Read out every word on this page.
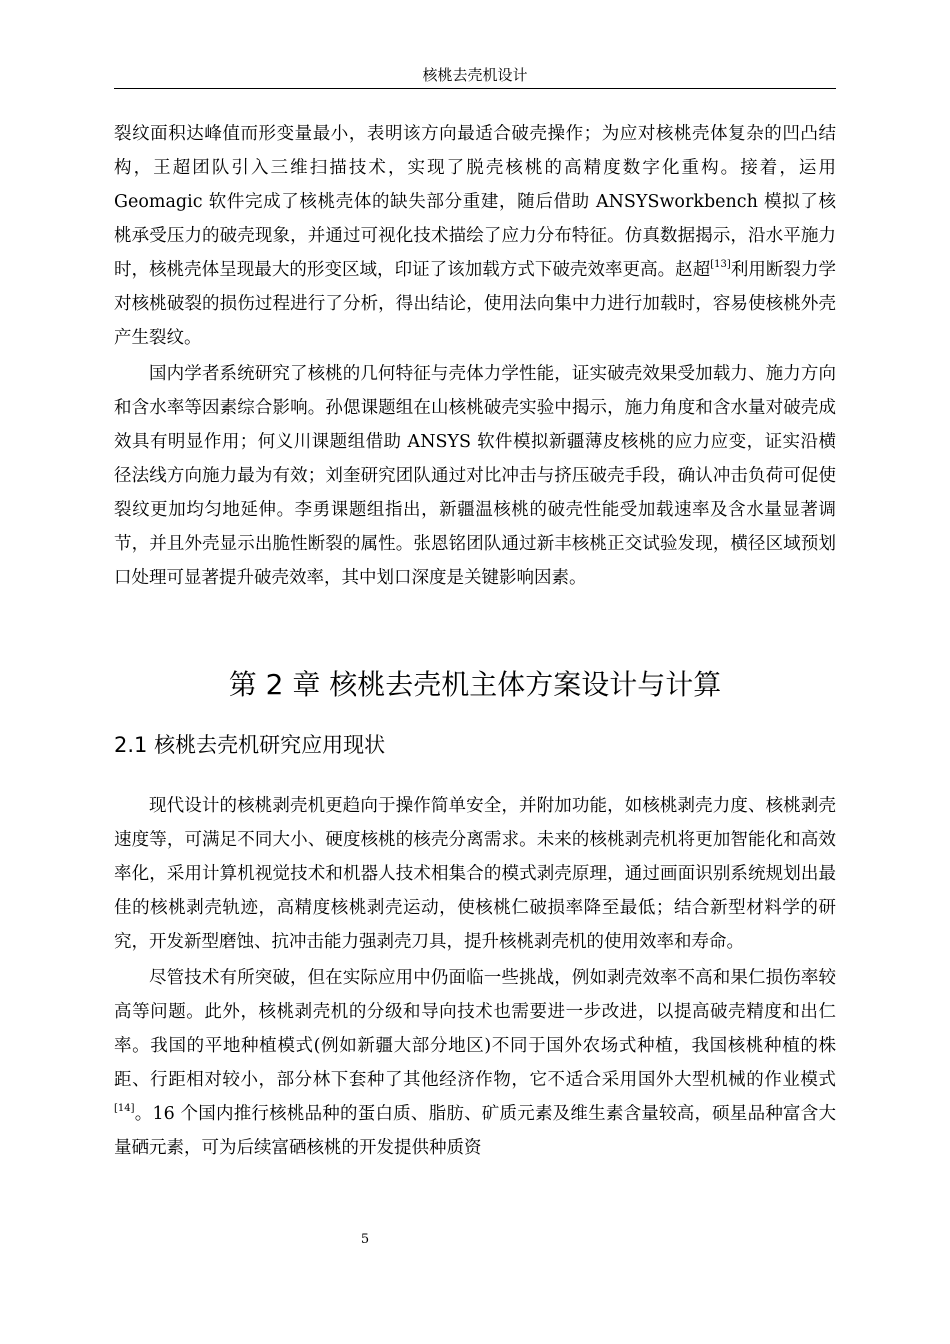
核桃去壳机设计

裂纹面积达峰值而形变量最小，表明该方向最适合破壳操作；为应对核桃壳体复杂的凹凸结构，王超团队引入三维扫描技术，实现了脱壳核桃的高精度数字化重构。接着，运用 Geomagic 软件完成了核桃壳体的缺失部分重建，随后借助 ANSYSworkbench 模拟了核桃承受压力的破壳现象，并通过可视化技术描绘了应力分布特征。仿真数据揭示，沿水平施力时，核桃壳体呈现最大的形变区域，印证了该加载方式下破壳效率更高。赵超[13]利用断裂力学对核桃破裂的损伤过程进行了分析，得出结论，使用法向集中力进行加载时，容易使核桃外壳产生裂纹。

国内学者系统研究了核桃的几何特征与壳体力学性能，证实破壳效果受加载力、施力方向和含水率等因素综合影响。孙偲课题组在山核桃破壳实验中揭示，施力角度和含水量对破壳成效具有明显作用；何义川课题组借助 ANSYS 软件模拟新疆薄皮核桃的应力应变，证实沿横径法线方向施力最为有效；刘奎研究团队通过对比冲击与挤压破壳手段，确认冲击负荷可促使裂纹更加均匀地延伸。李勇课题组指出，新疆温核桃的破壳性能受加载速率及含水量显著调节，并且外壳显示出脆性断裂的属性。张恩铭团队通过新丰核桃正交试验发现，横径区域预划口处理可显著提升破壳效率，其中划口深度是关键影响因素。

第 2 章 核桃去壳机主体方案设计与计算
2.1 核桃去壳机研究应用现状

现代设计的核桃剥壳机更趋向于操作简单安全，并附加功能，如核桃剥壳力度、核桃剥壳速度等，可满足不同大小、硬度核桃的核壳分离需求。未来的核桃剥壳机将更加智能化和高效率化，采用计算机视觉技术和机器人技术相集合的模式剥壳原理，通过画面识别系统规划出最佳的核桃剥壳轨迹，高精度核桃剥壳运动，使核桃仁破损率降至最低；结合新型材料学的研究，开发新型磨蚀、抗冲击能力强剥壳刀具，提升核桃剥壳机的使用效率和寿命。

尽管技术有所突破，但在实际应用中仍面临一些挑战，例如剥壳效率不高和果仁损伤率较高等问题。此外，核桃剥壳机的分级和导向技术也需要进一步改进，以提高破壳精度和出仁率。我国的平地种植模式(例如新疆大部分地区)不同于国外农场式种植，我国核桃种植的株距、行距相对较小，部分林下套种了其他经济作物，它不适合采用国外大型机械的作业模式[14]。16 个国内推行核桃品种的蛋白质、脂肪、矿质元素及维生素含量较高，硕星品种富含大量硒元素，可为后续富硒核桃的开发提供种质资

5
